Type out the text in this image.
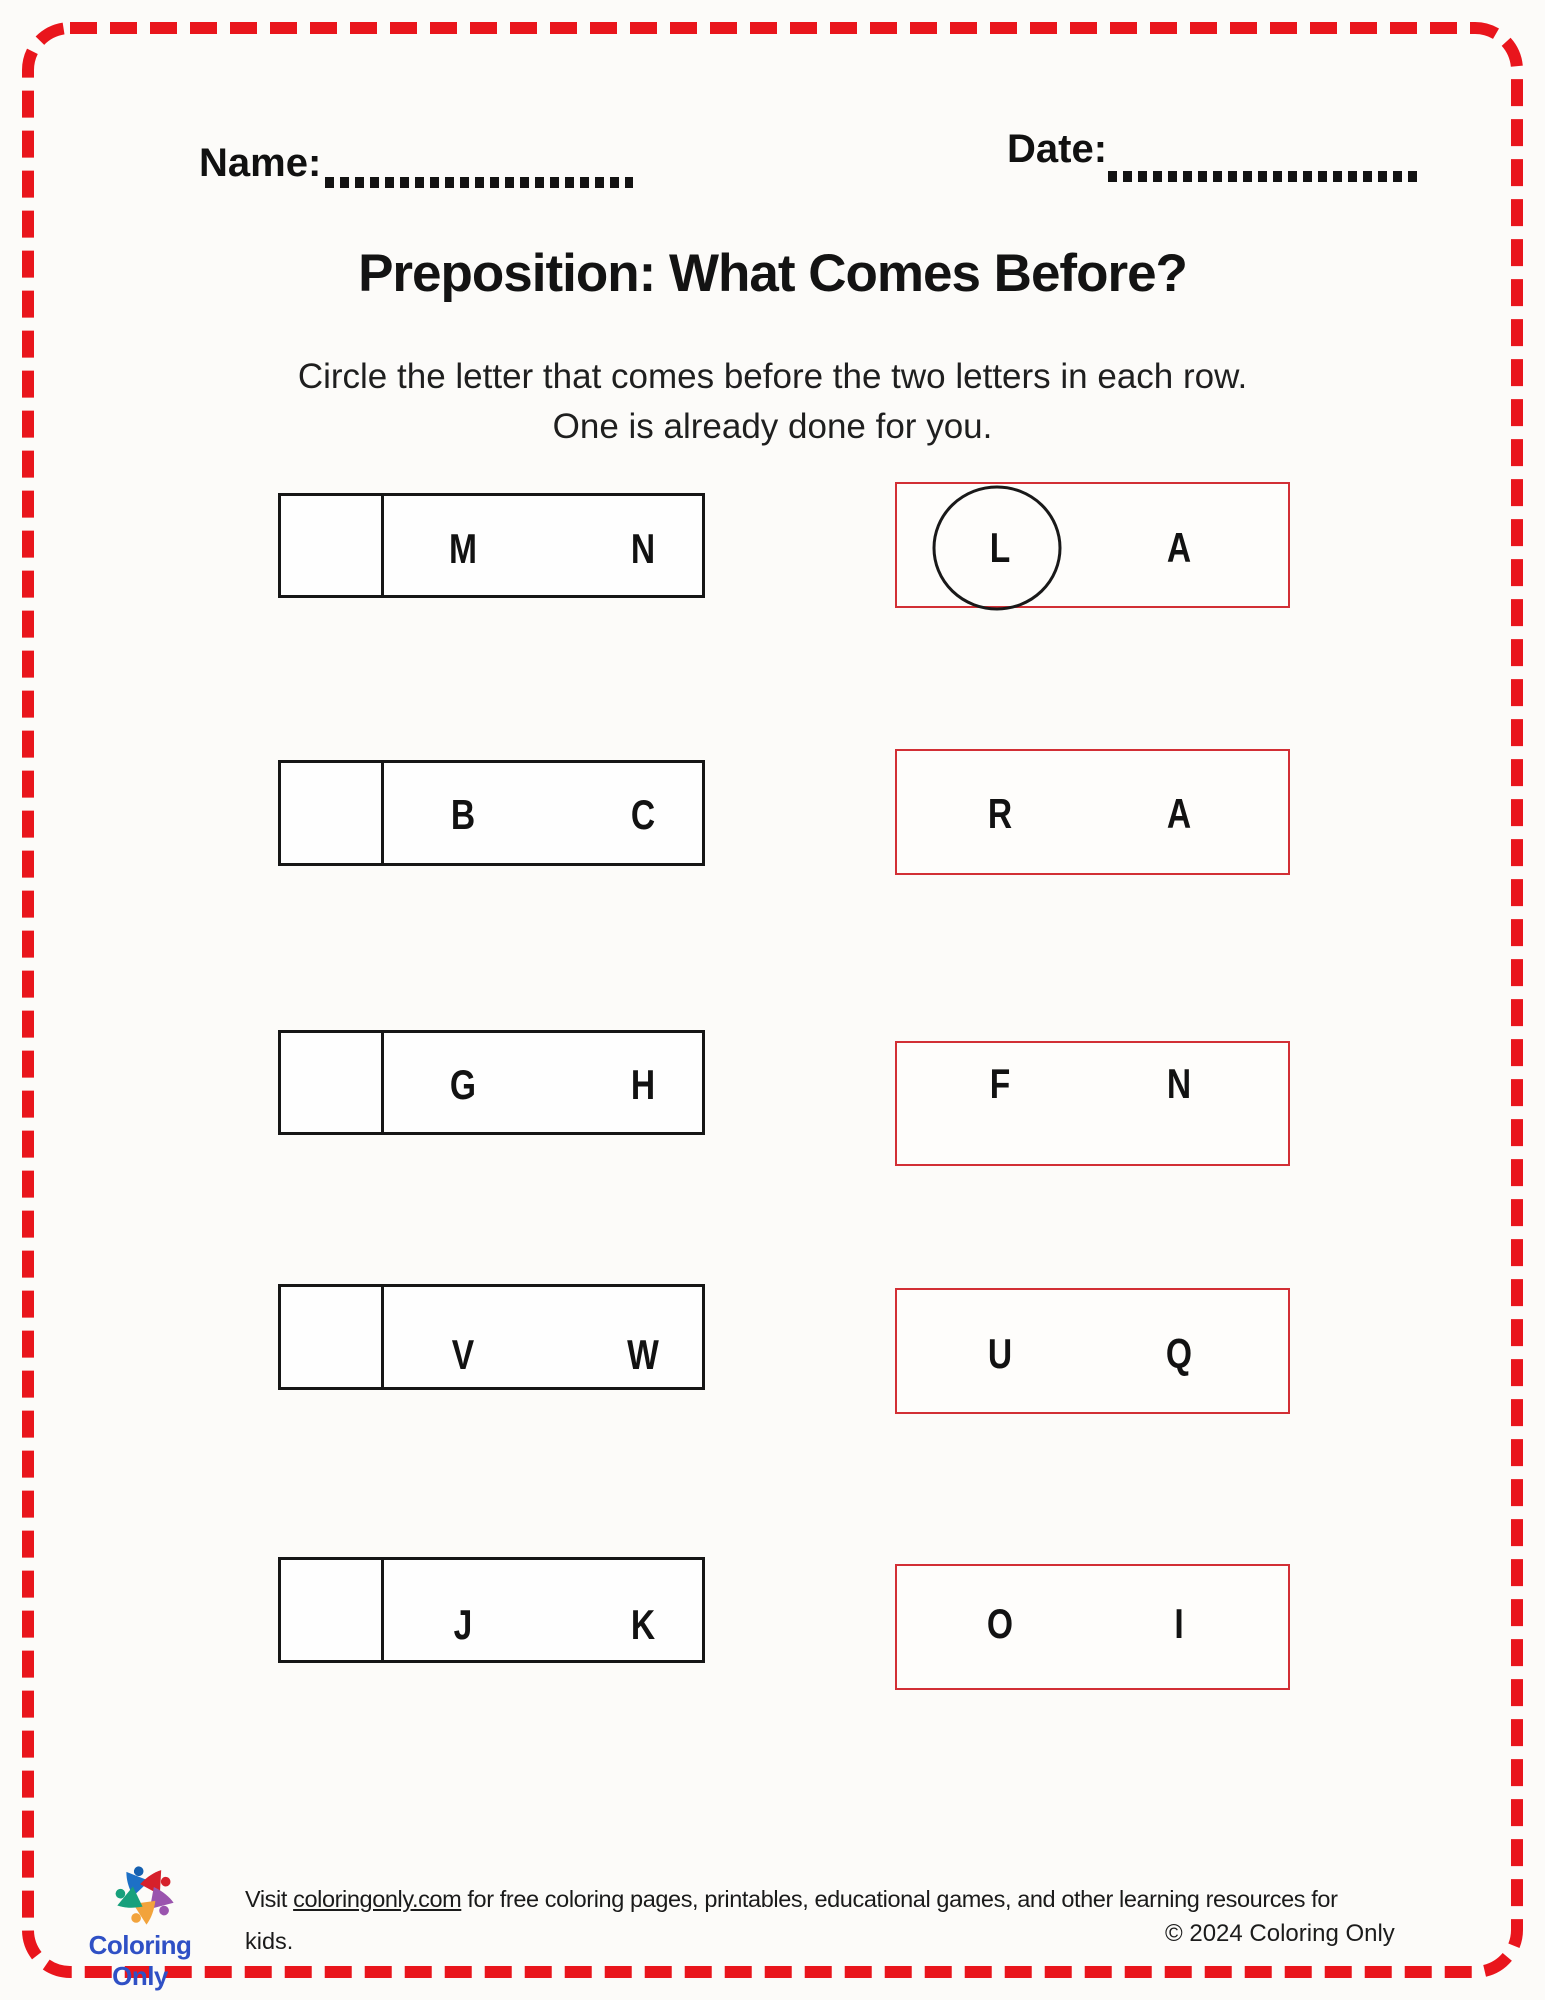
Name:	Date:
Preposition: What Comes Before?
Circle the letter that comes before the two letters in each row.
One is already done for you.
M	N	L	A
B	C	R	A
G	H	F	N
V	W	U	Q
J	K	O	I
Coloring Only
Visit coloringonly.com for free coloring pages, printables, educational games, and other learning resources for
kids.	© 2024 Coloring Only
